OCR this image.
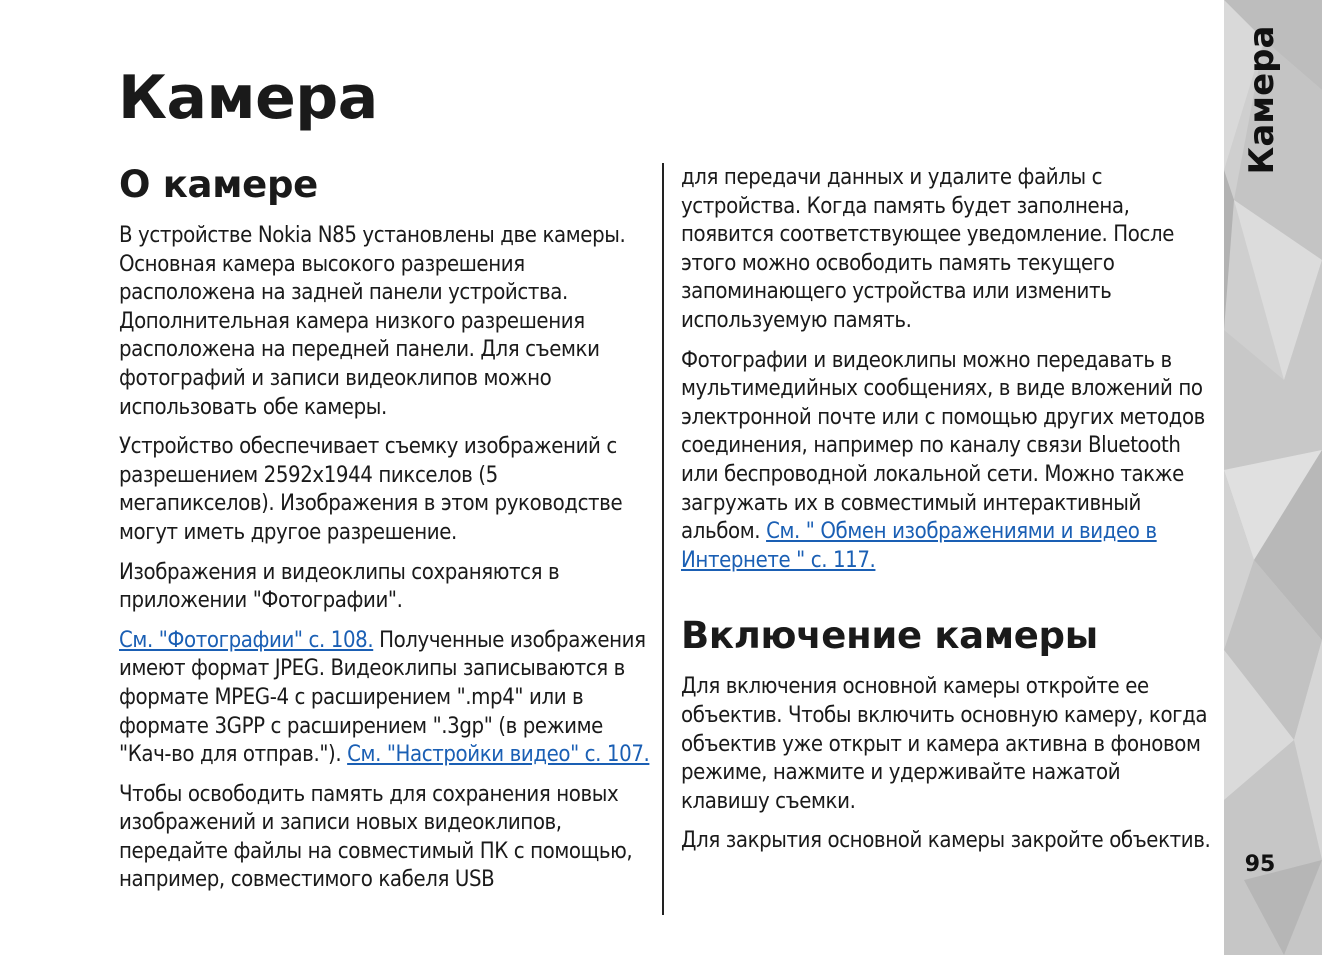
Камера
О камере

В устройстве Nokia N85 установлены две камеры. Основная камера высокого разрешения расположена на задней панели устройства. Дополнительная камера низкого разрешения расположена на передней панели. Для съемки фотографий и записи видеоклипов можно использовать обе камеры.

Устройство обеспечивает съемку изображений с разрешением 2592x1944 пикселов (5 мегапикселов). Изображения в этом руководстве могут иметь другое разрешение.

Изображения и видеоклипы сохраняются в приложении "Фотографии".

См. "Фотографии" с. 108. Полученные изображения имеют формат JPEG. Видеоклипы записываются в формате MPEG-4 с расширением ".mp4" или в формате 3GPP с расширением ".3gp" (в режиме "Кач-во для отправ."). См. "Настройки видео" с. 107.

Чтобы освободить память для сохранения новых изображений и записи новых видеоклипов, передайте файлы на совместимый ПК с помощью, например, совместимого кабеля USB

для передачи данных и удалите файлы с устройства. Когда память будет заполнена, появится соответствующее уведомление. После этого можно освободить память текущего запоминающего устройства или изменить используемую память.

Фотографии и видеоклипы можно передавать в мультимедийных сообщениях, в виде вложений по электронной почте или с помощью других методов соединения, например по каналу связи Bluetooth или беспроводной локальной сети. Можно также загружать их в совместимый интерактивный альбом. См. " Обмен изображениями и видео в Интернете " с. 117.

Включение камеры

Для включения основной камеры откройте ее объектив. Чтобы включить основную камеру, когда объектив уже открыт и камера активна в фоновом режиме, нажмите и удерживайте нажатой клавишу съемки.

Для закрытия основной камеры закройте объектив.

Камера
95
